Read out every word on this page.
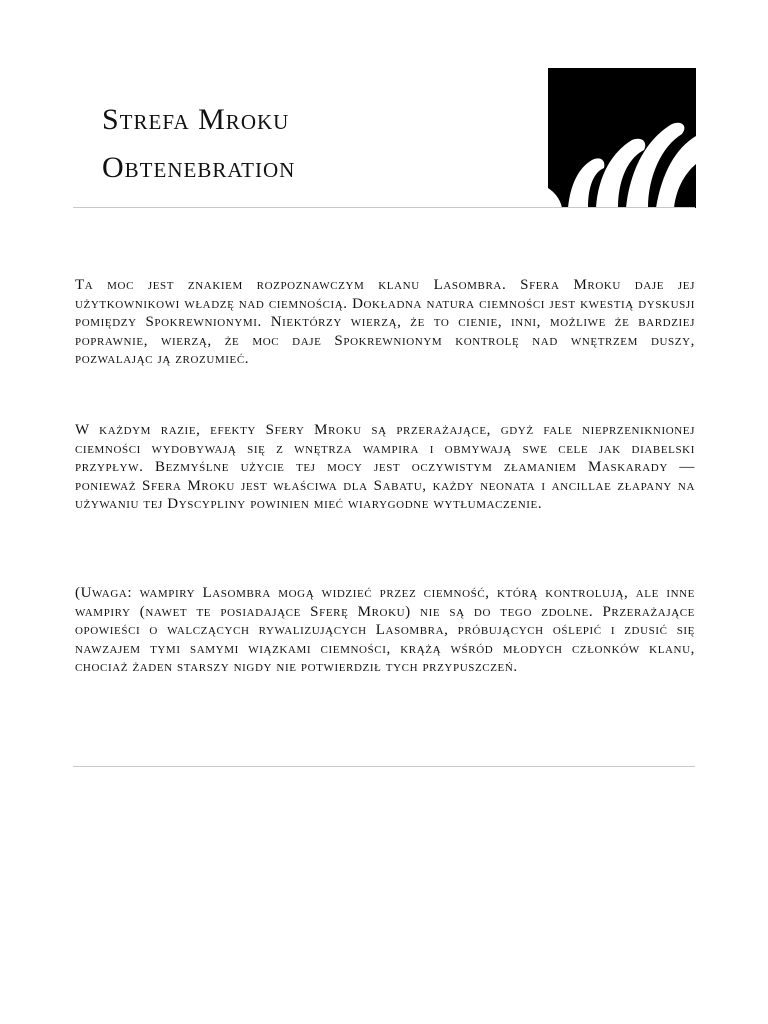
Strefa Mroku
Obtenebration

Ta moc jest znakiem rozpoznawczym klanu Lasombra. Sfera Mroku daje jej użytkownikowi władzę nad ciemnością. Dokładna natura ciemności jest kwestią dyskusji pomiędzy Spokrewnionymi. Niektórzy wierzą, że to cienie, inni, możliwe że bardziej poprawnie, wierzą, że moc daje Spokrewnionym kontrolę nad wnętrzem duszy, pozwalając ją zrozumieć.

W każdym razie, efekty Sfery Mroku są przerażające, gdyż fale nieprzeniknionej ciemności wydobywają się z wnętrza wampira i obmywają swe cele jak diabelski przypływ. Bezmyślne użycie tej mocy jest oczywistym złamaniem Maskarady — ponieważ Sfera Mroku jest właściwa dla Sabatu, każdy neonata i ancillae złapany na używaniu tej Dyscypliny powinien mieć wiarygodne wytłumaczenie.

(Uwaga: wampiry Lasombra mogą widzieć przez ciemność, którą kontrolują, ale inne wampiry (nawet te posiadające Sferę Mroku) nie są do tego zdolne. Przerażające opowieści o walczących rywalizujących Lasombra, próbujących oślepić i zdusić się nawzajem tymi samymi wiązkami ciemności, krążą wśród młodych członków klanu, chociaż żaden starszy nigdy nie potwierdził tych przypuszczeń.
